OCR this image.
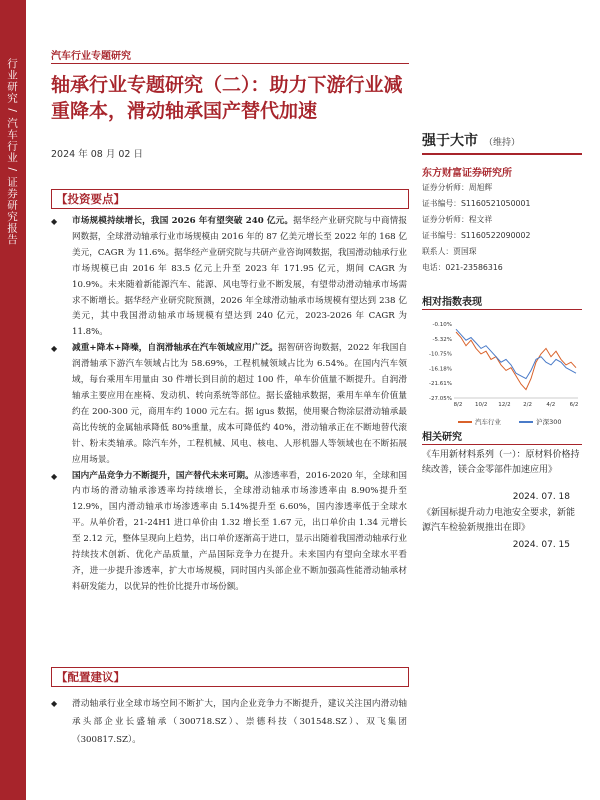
行业研究 / 汽车行业 / 证券研究报告
汽车行业专题研究
轴承行业专题研究（二）：助力下游行业减重降本，滑动轴承国产替代加速
2024 年 08 月 02 日
强于大市 （维持）
东方财富证券研究所
证券分析师：周旭辉
证书编号：S1160521050001
证券分析师：程文祥
证书编号：S1160522090002
联系人：贾国琛
电话：021-23586316
相对指数表现
-0.10%
-5.32%
-10.75%
-16.18%
-21.61%
-27.05%
8/2 10/2 12/2 2/2	4/2	6/2
汽车行业	沪深300
相关研究
《车用新材料系列（一）：原材料价格持续改善，镁合金零部件加速应用》
2024. 07. 18
《新国标提升动力电池安全要求，新能源汽车检验新规推出在即》
2024. 07. 15
【投资要点】
◆ 市场规模持续增长，我国 2026 年有望突破 240 亿元。据华经产业研究院与中商情报网数据，全球滑动轴承行业市场规模由 2016 年的 87 亿美元增长至 2022 年的 168 亿美元，CAGR 为 11.6%。据华经产业研究院与共研产业咨询网数据，我国滑动轴承行业市场规模已由 2016 年 83.5 亿元上升至 2023 年 171.95 亿元，期间 CAGR 为 10.9%。未来随着新能源汽车、能源、风电等行业不断发展，有望带动滑动轴承市场需求不断增长。据华经产业研究院预测，2026 年全球滑动轴承市场规模有望达到 238 亿美元，其中我国滑动轴承市场规模有望达到 240 亿元，2023-2026 年 CAGR 为 11.8%。
◆ 减重+降本+降噪，自润滑轴承在汽车领域应用广泛。据智研咨询数据，2022 年我国自润滑轴承下游汽车领域占比为 58.69%，工程机械领域占比为 6.54%。在国内汽车领域，每台乘用车用量由 30 件增长到目前的超过 100 件，单车价值量不断提升。自润滑轴承主要应用在座椅、发动机、转向系统等部位。据长盛轴承数据，乘用车单车价值量约在 200-300 元，商用车约 1000 元左右。据 igus 数据，使用聚合物涂层滑动轴承最高比传统的金属轴承降低 80%重量，成本可降低约 40%，滑动轴承正在不断地替代滚针、粉末类轴承。除汽车外，工程机械、风电、核电、人形机器人等领域也在不断拓展应用场景。
◆ 国内产品竞争力不断提升，国产替代未来可期。从渗透率看，2016-2020 年，全球和国内市场的滑动轴承渗透率均持续增长，全球滑动轴承市场渗透率由 8.90%提升至 12.9%，国内滑动轴承市场渗透率由 5.14%提升至 6.60%，国内渗透率低于全球水平。从单价看，21-24H1 进口单价由 1.32 增长至 1.67 元，出口单价由 1.34 元增长至 2.12 元，整体呈现向上趋势，出口单价逐渐高于进口，显示出随着我国滑动轴承行业持续技术创新、优化产品质量，产品国际竞争力在提升。未来国内有望向全球水平看齐，进一步提升渗透率，扩大市场规模，同时国内头部企业不断加强高性能滑动轴承材料研发能力，以优异的性价比提升市场份额。
【配置建议】
◆ 滑动轴承行业全球市场空间不断扩大，国内企业竞争力不断提升，建议关注国内滑动轴承头部企业长盛轴承（300718.SZ）、崇德科技（301548.SZ）、双飞集团（300817.SZ）。
